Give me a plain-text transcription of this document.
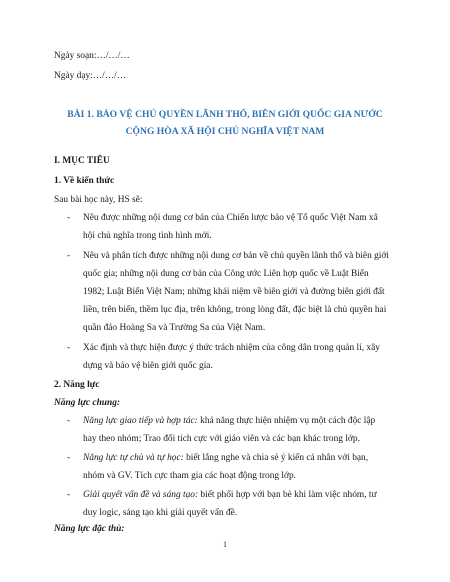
Ngày soạn:…/…/…
Ngày dạy:…/…/…
BÀI 1. BẢO VỆ CHỦ QUYỀN LÃNH THỔ, BIÊN GIỚI QUỐC GIA NƯỚC
CỘNG HÒA XÃ HỘI CHỦ NGHĨA VIỆT NAM
I. MỤC TIÊU
1. Về kiến thức
Sau bài học này, HS sẽ:
- Nêu được những nội dung cơ bản của Chiến lược bảo vệ Tổ quốc Việt Nam xã
hội chủ nghĩa trong tình hình mới.
- Nêu và phân tích được những nội dung cơ bản về chủ quyền lãnh thổ và biên giới
quốc gia; những nội dung cơ bản của Công ước Liên hợp quốc về Luật Biển
1982; Luật Biển Việt Nam; những khái niệm về biên giới và đường biên giới đất
liền, trên biển, thềm lục địa, trên không, trong lòng đất, đặc biệt là chủ quyền hai
quần đảo Hoàng Sa và Trường Sa của Việt Nam.
- Xác định và thực hiện được ý thức trách nhiệm của công dân trong quản lí, xây
dựng và bảo vệ biên giới quốc gia.
2. Năng lực
Năng lực chung:
- Năng lực giao tiếp và hợp tác: khả năng thực hiện nhiệm vụ một cách độc lập
hay theo nhóm; Trao đổi tích cực với giáo viên và các bạn khác trong lớp.
- Năng lực tự chủ và tự học: biết lắng nghe và chia sẻ ý kiến cá nhân với bạn,
nhóm và GV. Tích cực tham gia các hoạt động trong lớp.
- Giải quyết vấn đề và sáng tạo: biết phối hợp với bạn bè khi làm việc nhóm, tư
duy logic, sáng tạo khi giải quyết vấn đề.
Năng lực đặc thù:
1
